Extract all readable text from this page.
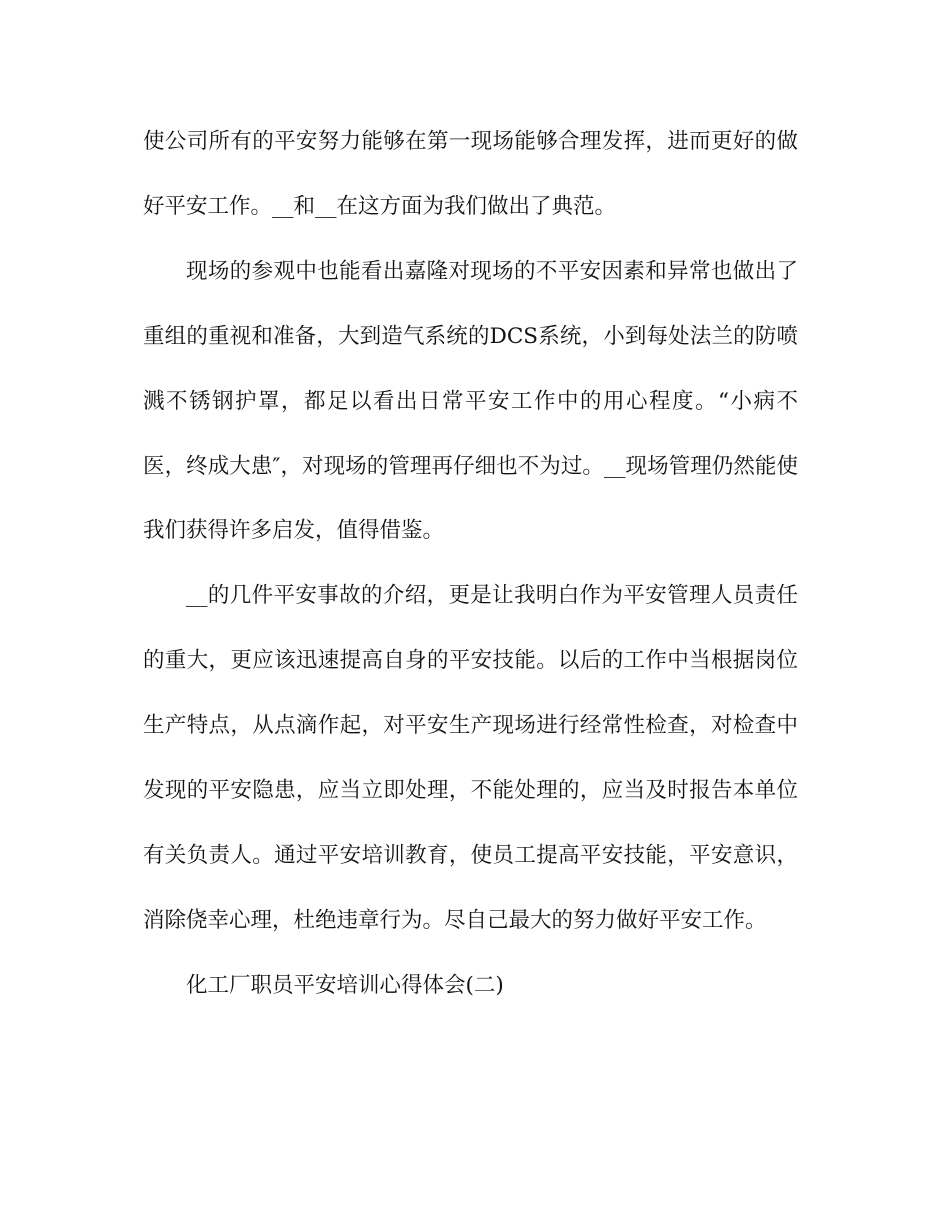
使公司所有的平安努力能够在第一现场能够合理发挥，进而更好的做好平安工作。__和__在这方面为我们做出了典范。

现场的参观中也能看出嘉隆对现场的不平安因素和异常也做出了重组的重视和准备，大到造气系统的DCS系统，小到每处法兰的防喷溅不锈钢护罩，都足以看出日常平安工作中的用心程度。“小病不医，终成大患″，对现场的管理再仔细也不为过。__现场管理仍然能使我们获得许多启发，值得借鉴。

__的几件平安事故的介绍，更是让我明白作为平安管理人员责任的重大，更应该迅速提高自身的平安技能。以后的工作中当根据岗位生产特点，从点滴作起，对平安生产现场进行经常性检查，对检查中发现的平安隐患，应当立即处理，不能处理的，应当及时报告本单位有关负责人。通过平安培训教育，使员工提高平安技能，平安意识，消除侥幸心理，杜绝违章行为。尽自己最大的努力做好平安工作。

化工厂职员平安培训心得体会(二)
